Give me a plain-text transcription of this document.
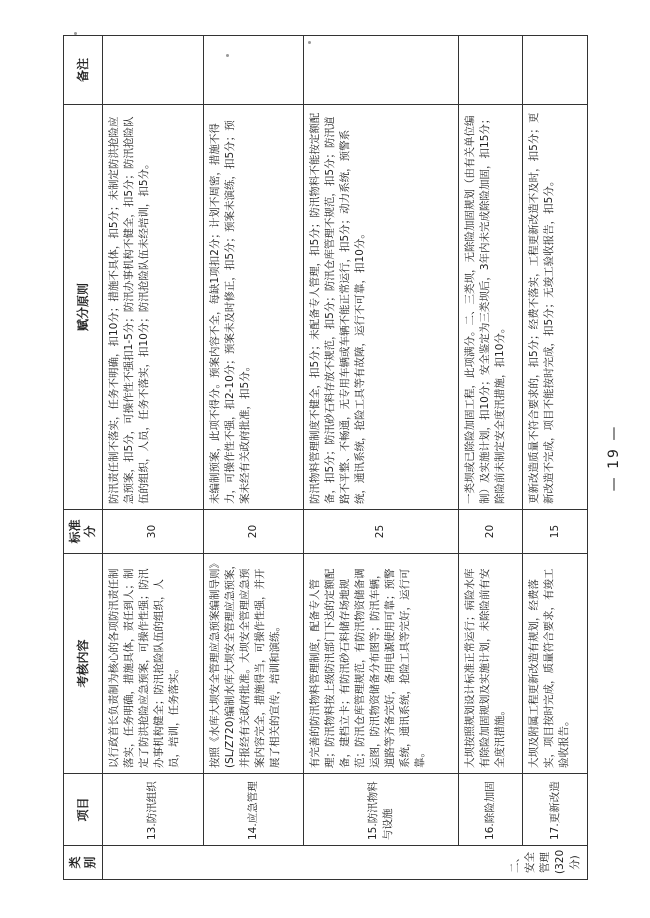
类别	项目	考核内容	标准分	赋分原则	备注
二、安全管理(320分)	13.防汛组织	以行政首长负责制为核心的各项防汛责任制落实，任务明确，措施具体，责任到人；制定了防洪抢险应急预案，可操作性强；防汛办事机构健全；防汛抢险队伍的组织，人员，培训，任务落实。	30	防汛责任制不落实，任务不明确，扣10分；措施不具体，扣5分；未制定防洪抢险应急预案，扣5分，可操作性不强扣1-5分；防汛办事机构不健全，扣5分；防汛抢险队伍的组织，人员，任务不落实，扣10分；防汛抢险队伍未经培训，扣5分。	
	14.应急管理	按照《水库大坝安全管理应急预案编制导则》(SL/Z720)编制水库大坝安全管理应急预案，并报经有关政府批准。大坝安全管理应急预案内容完全，措施得当，可操作性强，并开展了相关的宣传，培训和演练。	20	未编制预案，此项不得分。预案内容不全，每缺1项扣2分；计划不周密，措施不得力，可操作性不强，扣2-10分；预案未及时修正，扣5分；预案未演练，扣5分；预案未经有关政府批准，扣5分。	
	15.防汛物料与设施	有完善的防汛物料管理制度，配备专人管理；防汛物料按上级防汛部门下达的定额配备，建档立卡；有防汛砂石料储存场地规范；防汛仓库管理规范，有防汛物资储备调运图，防汛物资储备分布图等；防汛车辆，道路等齐备完好，备用电源使用可靠；预警系统，通讯系统，抢险工具等完好，运行可靠。	25	防汛物料管理制度不健全，扣5分；未配备专人管理，扣5分；防汛物料不能按定额配备，扣5分；防汛砂石料存放不规范，扣5分；防汛仓库管理不规范，扣5分；防汛道路不平整、不畅通，无专用车辆或车辆不能正常运行，扣5分；动力系统，预警系统，通讯系统，抢险工具等有故障，运行不可靠，扣10分。	
	16.除险加固	大坝按照规划设计标准正常运行；病险水库有除险加固规划及实施计划，未除险前有安全度汛措施。	20	一类坝或已除险加固工程，此项满分。二、三类坝，无除险加固规划（由有关单位编制）及实施计划，扣10分；安全鉴定为三类坝后，3年内未完成除险加固，扣15分；除险前未制定安全度汛措施，扣10分。	
	17.更新改造	大坝及附属工程更新改造有规划，经费落实，项目按时完成，质量符合要求，有竣工验收报告。	15	更新改造质量不符合要求的，扣5分；经费不落实，工程更新改造不及时，扣5分；更新改造不完成，项目不能按时完成，扣5分；无竣工验收报告，扣5分。		— 19 —
